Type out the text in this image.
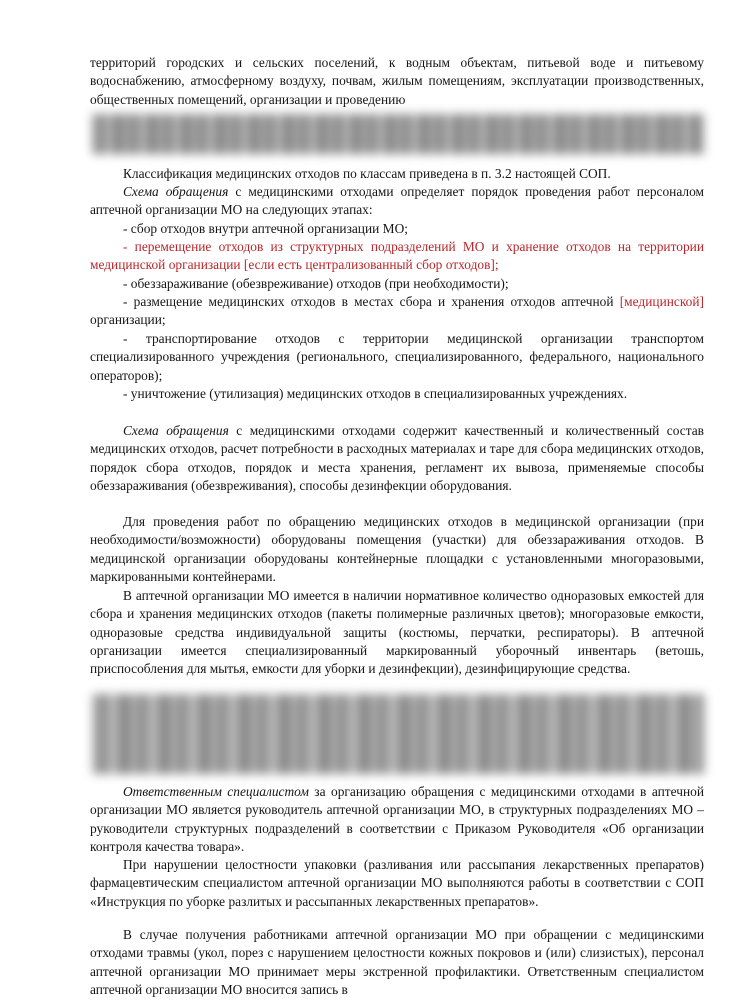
территорий городских и сельских поселений, к водным объектам, питьевой воде и питьевому водоснабжению, атмосферному воздуху, почвам, жилым помещениям, эксплуатации производственных, общественных помещений, организации и проведению

Классификация медицинских отходов по классам приведена в п. 3.2 настоящей СОП.

Схема обращения с медицинскими отходами определяет порядок проведения работ персоналом аптечной организации МО на следующих этапах:

- сбор отходов внутри аптечной организации МО;

- перемещение отходов из структурных подразделений МО и хранение отходов на территории медицинской организации [если есть централизованный сбор отходов];

- обеззараживание (обезвреживание) отходов (при необходимости);

- размещение медицинских отходов в местах сбора и хранения отходов аптечной [медицинской] организации;

- транспортирование отходов с территории медицинской организации транспортом специализированного учреждения (регионального, специализированного, федерального, национального операторов);

- уничтожение (утилизация) медицинских отходов в специализированных учреждениях.

Схема обращения с медицинскими отходами содержит качественный и количественный состав медицинских отходов, расчет потребности в расходных материалах и таре для сбора медицинских отходов, порядок сбора отходов, порядок и места хранения, регламент их вывоза, применяемые способы обеззараживания (обезвреживания), способы дезинфекции оборудования.

Для проведения работ по обращению медицинских отходов в медицинской организации (при необходимости/возможности) оборудованы помещения (участки) для обеззараживания отходов. В медицинской организации оборудованы контейнерные площадки с установленными многоразовыми, маркированными контейнерами.

В аптечной организации МО имеется в наличии нормативное количество одноразовых емкостей для сбора и хранения медицинских отходов (пакеты полимерные различных цветов); многоразовые емкости, одноразовые средства индивидуальной защиты (костюмы, перчатки, респираторы). В аптечной организации имеется специализированный маркированный уборочный инвентарь (ветошь, приспособления для мытья, емкости для уборки и дезинфекции), дезинфицирующие средства.

Ответственным специалистом за организацию обращения с медицинскими отходами в аптечной организации МО является руководитель аптечной организации МО, в структурных подразделениях МО – руководители структурных подразделений в соответствии с Приказом Руководителя «Об организации контроля качества товара».

При нарушении целостности упаковки (разливания или рассыпания лекарственных препаратов) фармацевтическим специалистом аптечной организации МО выполняются работы в соответствии с СОП «Инструкция по уборке разлитых и рассыпанных лекарственных препаратов».

В случае получения работниками аптечной организации МО при обращении с медицинскими отходами травмы (укол, порез с нарушением целостности кожных покровов и (или) слизистых), персонал аптечной организации МО принимает меры экстренной профилактики. Ответственным специалистом аптечной организации МО вносится запись в
